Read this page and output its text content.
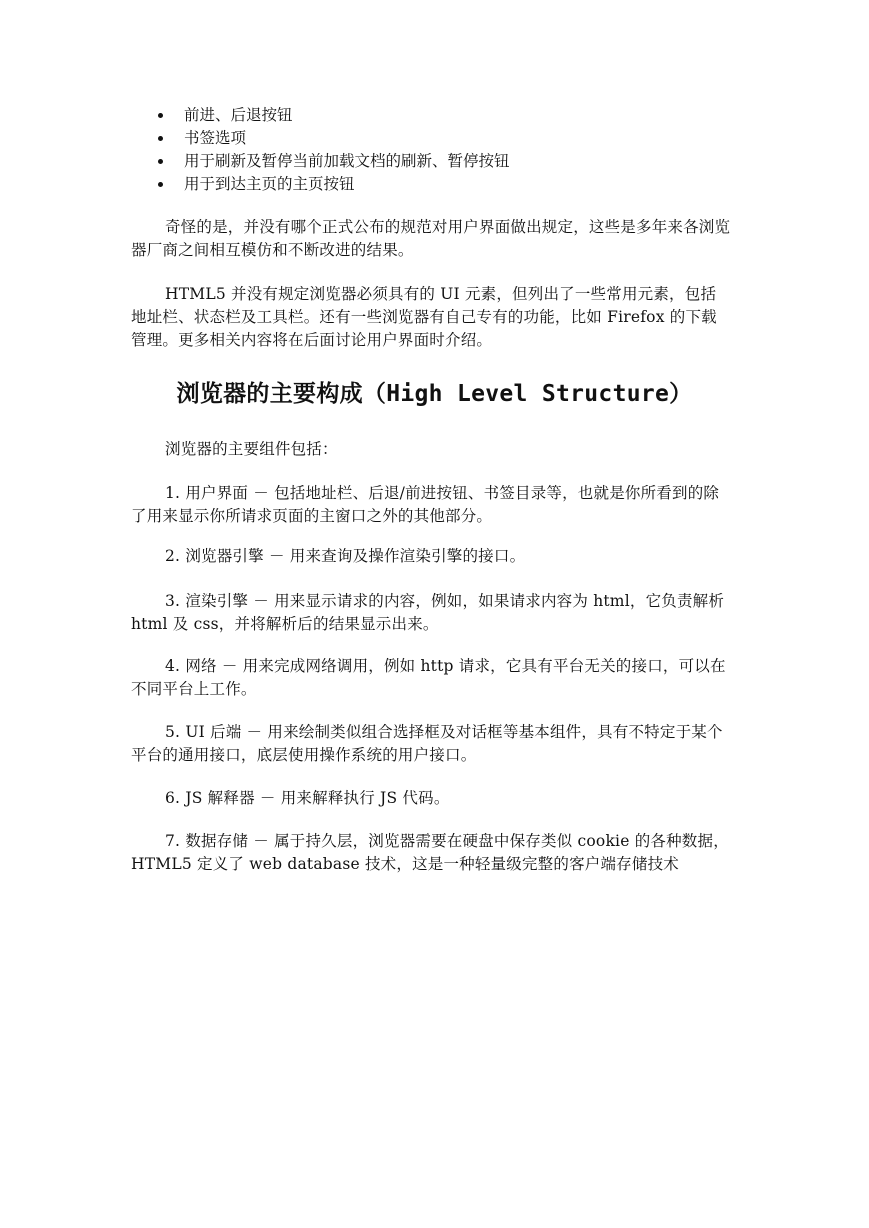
前进、后退按钮
书签选项
用于刷新及暂停当前加载文档的刷新、暂停按钮
用于到达主页的主页按钮

奇怪的是，并没有哪个正式公布的规范对用户界面做出规定，这些是多年来各浏览器厂商之间相互模仿和不断改进的结果。

HTML5 并没有规定浏览器必须具有的 UI 元素，但列出了一些常用元素，包括地址栏、状态栏及工具栏。还有一些浏览器有自己专有的功能，比如 Firefox 的下载管理。更多相关内容将在后面讨论用户界面时介绍。

浏览器的主要构成（High Level Structure）

浏览器的主要组件包括：

1. 用户界面 － 包括地址栏、后退/前进按钮、书签目录等，也就是你所看到的除了用来显示你所请求页面的主窗口之外的其他部分。

2. 浏览器引擎 － 用来查询及操作渲染引擎的接口。

3. 渲染引擎 － 用来显示请求的内容，例如，如果请求内容为 html，它负责解析 html 及 css，并将解析后的结果显示出来。

4. 网络 － 用来完成网络调用，例如 http 请求，它具有平台无关的接口，可以在不同平台上工作。

5. UI 后端 － 用来绘制类似组合选择框及对话框等基本组件，具有不特定于某个平台的通用接口，底层使用操作系统的用户接口。

6. JS 解释器 － 用来解释执行 JS 代码。

7. 数据存储 － 属于持久层，浏览器需要在硬盘中保存类似 cookie 的各种数据，HTML5 定义了 web database 技术，这是一种轻量级完整的客户端存储技术
